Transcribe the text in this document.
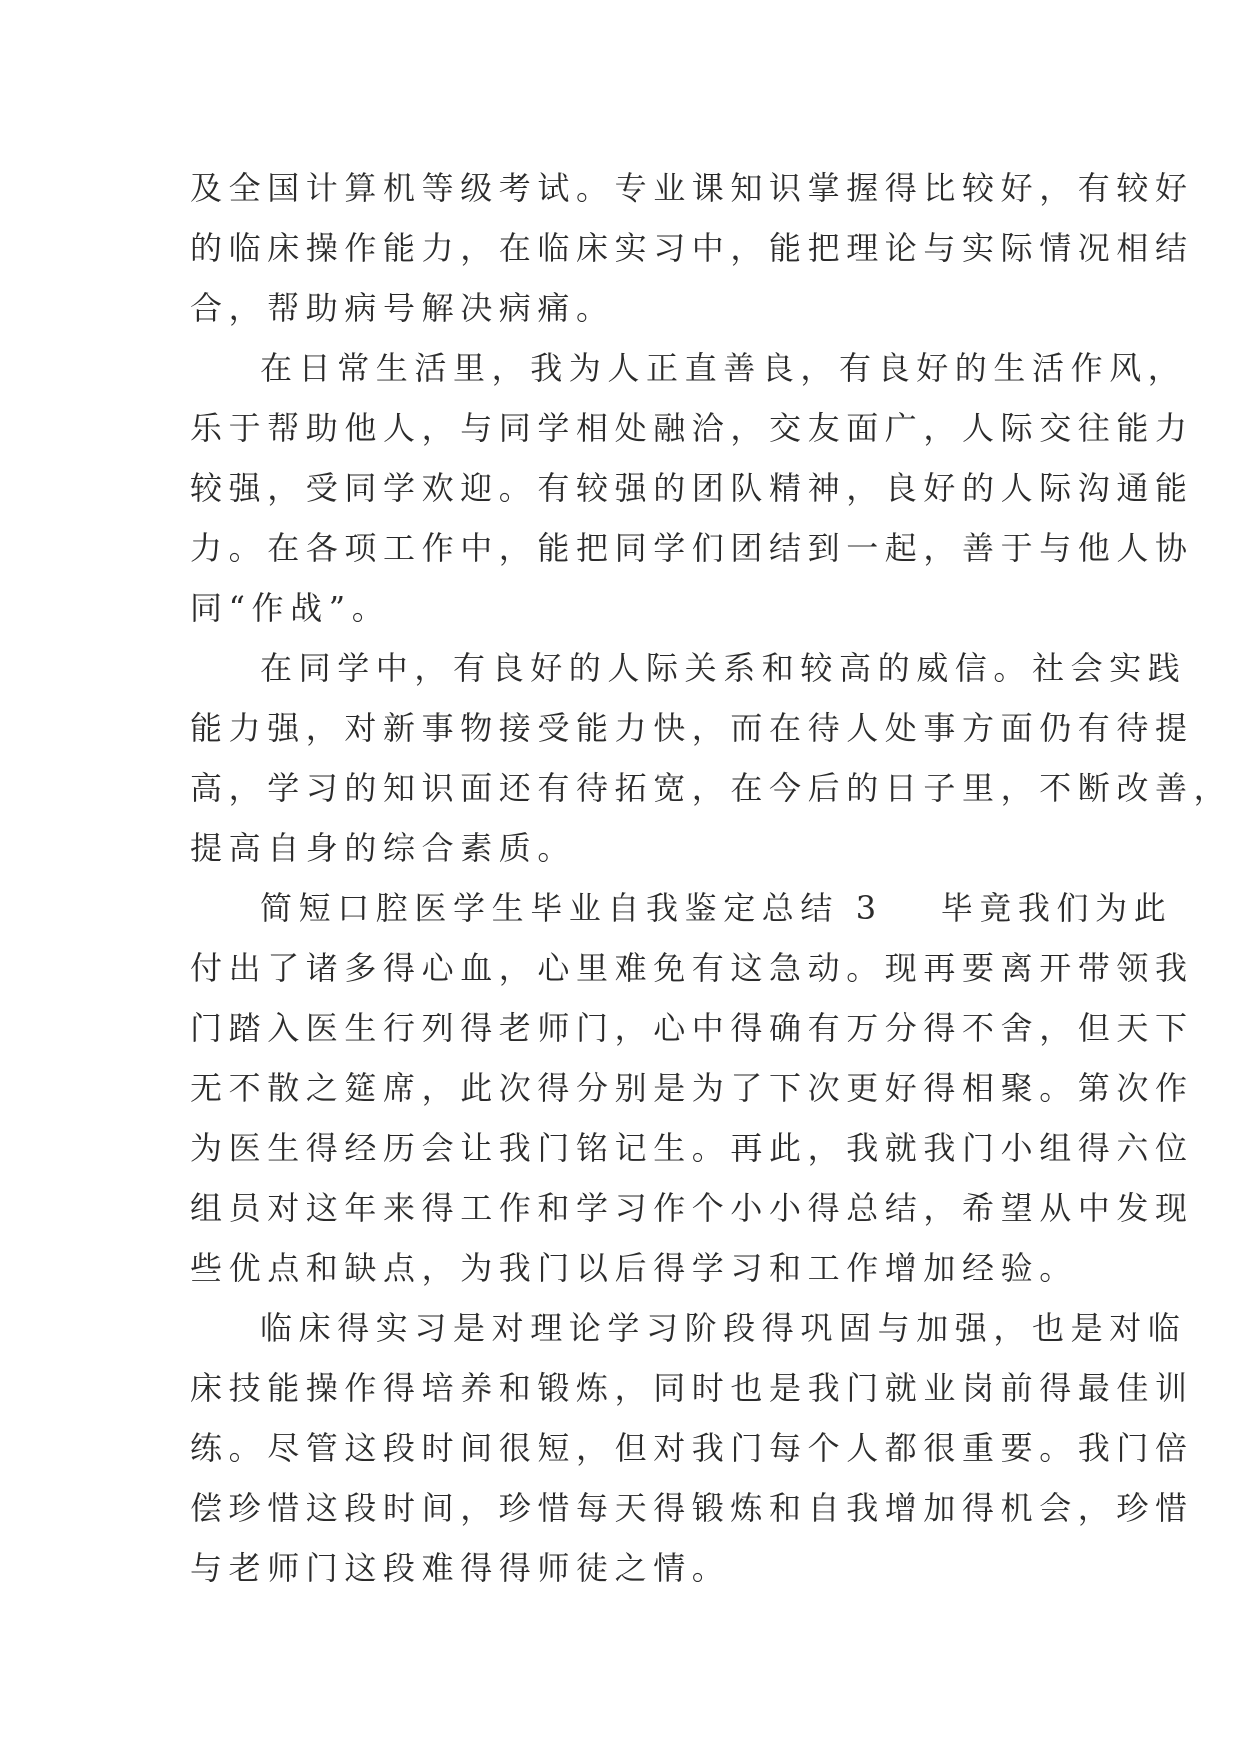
及全国计算机等级考试。专业课知识掌握得比较好，有较好
的临床操作能力，在临床实习中，能把理论与实际情况相结
合，帮助病号解决病痛。
在日常生活里，我为人正直善良，有良好的生活作风，
乐于帮助他人，与同学相处融洽，交友面广，人际交往能力
较强，受同学欢迎。有较强的团队精神，良好的人际沟通能
力。在各项工作中，能把同学们团结到一起，善于与他人协
同“作战”。
在同学中，有良好的人际关系和较高的威信。社会实践
能力强，对新事物接受能力快，而在待人处事方面仍有待提
高，学习的知识面还有待拓宽，在今后的日子里，不断改善，
提高自身的综合素质。
简短口腔医学生毕业自我鉴定总结 3 毕竟我们为此
付出了诸多得心血，心里难免有这急动。现再要离开带领我
门踏入医生行列得老师门，心中得确有万分得不舍，但天下
无不散之筵席，此次得分别是为了下次更好得相聚。第次作
为医生得经历会让我门铭记生。再此，我就我门小组得六位
组员对这年来得工作和学习作个小小得总结，希望从中发现
些优点和缺点，为我门以后得学习和工作增加经验。
临床得实习是对理论学习阶段得巩固与加强，也是对临
床技能操作得培养和锻炼，同时也是我门就业岗前得最佳训
练。尽管这段时间很短，但对我门每个人都很重要。我门倍
偿珍惜这段时间，珍惜每天得锻炼和自我增加得机会，珍惜
与老师门这段难得得师徒之情。
